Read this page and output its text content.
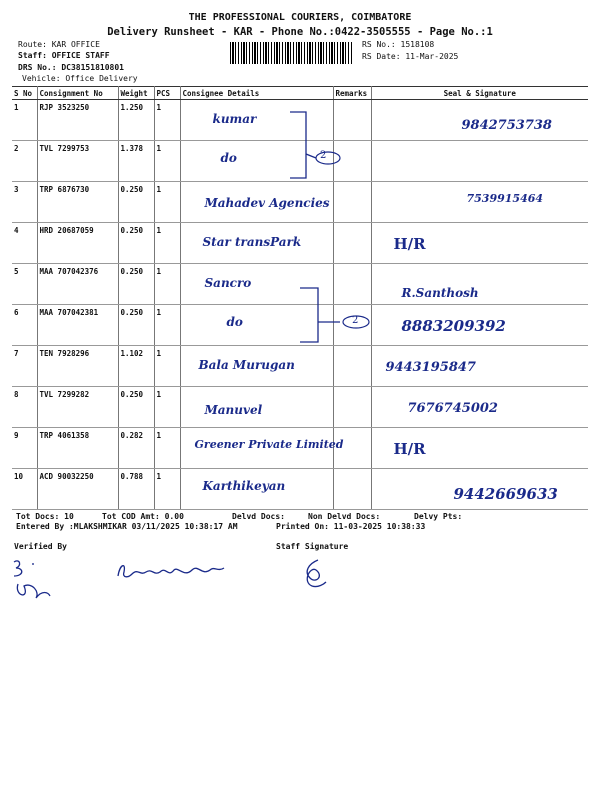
THE PROFESSIONAL COURIERS, COIMBATORE
Delivery Runsheet - KAR - Phone No.:0422-3505555 - Page No.:1
Route: KAR OFFICE
Staff: OFFICE STAFF
DRS No.: DC38151810801
Vehicle: Office Delivery
RS No.: 1518108
RS Date: 11-Mar-2025
S No	Consignment No	Weight	PCS	Consignee Details	Remarks	Seal & Signature
1	RJP 3523250	1.250	1	kumar		9842753738

2	TVL 7299753	1.378	1	do		

3	TRP 6876730	0.250	1	Mahadev Agencies		7539915464

4	HRD 20687059	0.250	1	Star transPark		H/R

5	MAA 707042376	0.250	1	Sancro		R.Santhosh

6	MAA 707042381	0.250	1	do		8883209392

7	TEN 7928296	1.102	1	Bala Murugan		9443195847

8	TVL 7299282	0.250	1	Manuvel		7676745002

9	TRP 4061358	0.282	1	Greener Private Limited		H/R

10	ACD 90032250	0.788	1	Karthikeyan		9442669633
2
2
Tot Docs: 10	Tot COD Amt: 0.00	Delvd Docs:	Non Delvd Docs:	Delvy Pts:
Entered By :MLAKSHMIKAR 03/11/2025 10:38:17 AM	Printed On: 11-03-2025 10:38:33
Verified By	Staff Signature
